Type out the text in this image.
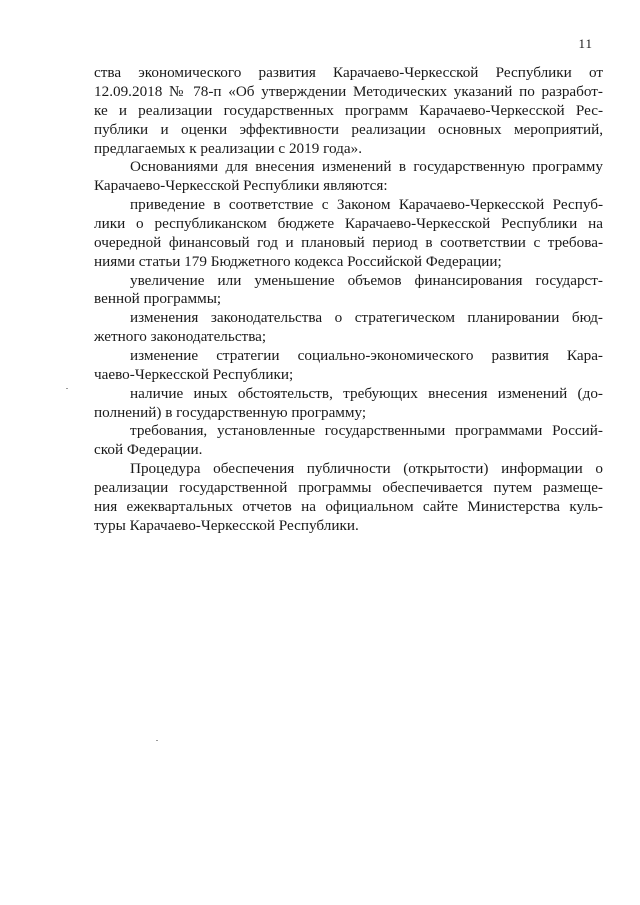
11
ства экономического развития Карачаево-Черкесской Республики от
12.09.2018 № 78-п «Об утверждении Методических указаний по разработ-
ке и реализации государственных программ Карачаево-Черкесской Рес-
публики и оценки эффективности реализации основных мероприятий,
предлагаемых к реализации с 2019 года».
Основаниями для внесения изменений в государственную программу
Карачаево-Черкесской Республики являются:
приведение в соответствие с Законом Карачаево-Черкесской Респуб-
лики о республиканском бюджете Карачаево-Черкесской Республики на
очередной финансовый год и плановый период в соответствии с требова-
ниями статьи 179 Бюджетного кодекса Российской Федерации;
увеличение или уменьшение объемов финансирования государст-
венной программы;
изменения законодательства о стратегическом планировании бюд-
жетного законодательства;
изменение стратегии социально-экономического развития Кара-
чаево-Черкесской Республики;
наличие иных обстоятельств, требующих внесения изменений (до-
полнений) в государственную программу;
требования, установленные государственными программами Россий-
ской Федерации.
Процедура обеспечения публичности (открытости) информации о
реализации государственной программы обеспечивается путем размеще-
ния ежеквартальных отчетов на официальном сайте Министерства куль-
туры Карачаево-Черкесской Республики.
